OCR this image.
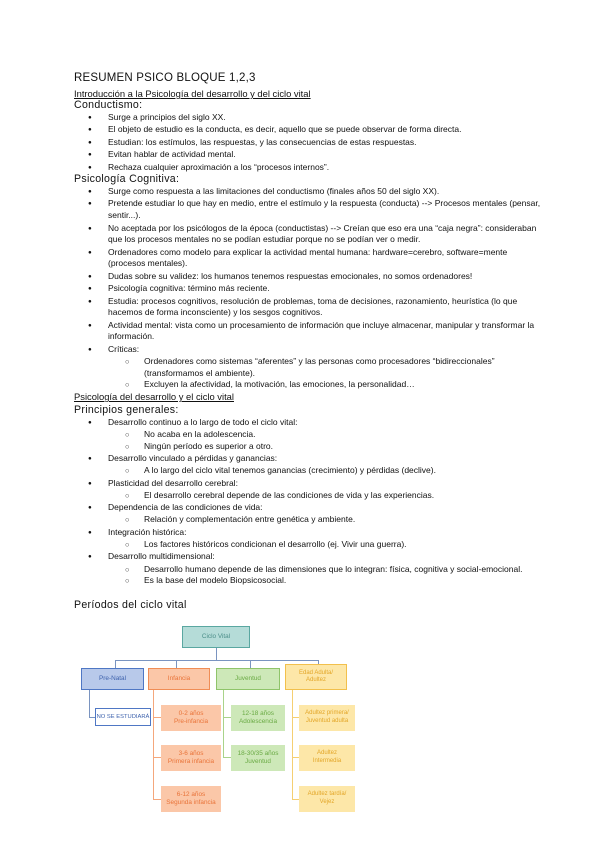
RESUMEN PSICO BLOQUE 1,2,3
Introducción a la Psicología del desarrollo y del ciclo vital
Conductismo:
● Surge a principios del siglo XX.
● El objeto de estudio es la conducta, es decir, aquello que se puede observar de forma directa.
● Estudian: los estímulos, las respuestas, y las consecuencias de estas respuestas.
● Evitan hablar de actividad mental.
● Rechaza cualquier aproximación a los “procesos internos”.
Psicología Cognitiva:
● Surge como respuesta a las limitaciones del conductismo (finales años 50 del siglo XX).
● Pretende estudiar lo que hay en medio, entre el estímulo y la respuesta (conducta) --> Procesos mentales (pensar, sentir...).
● No aceptada por los psicólogos de la época (conductistas) --> Creían que eso era una “caja negra”: consideraban que los procesos mentales no se podían estudiar porque no se podían ver o medir.
● Ordenadores como modelo para explicar la actividad mental humana: hardware=cerebro, software=mente (procesos mentales).
● Dudas sobre su validez: los humanos tenemos respuestas emocionales, no somos ordenadores!
● Psicología cognitiva: término más reciente.
● Estudia: procesos cognitivos, resolución de problemas, toma de decisiones, razonamiento, heurística (lo que hacemos de forma inconsciente) y los sesgos cognitivos.
● Actividad mental: vista como un procesamiento de información que incluye almacenar, manipular y transformar la información.
● Críticas:
○ Ordenadores como sistemas “aferentes” y las personas como procesadores “bidireccionales” (transformamos el ambiente).
○ Excluyen la afectividad, la motivación, las emociones, la personalidad…
Psicología del desarrollo y el ciclo vital
Principios generales:
● Desarrollo continuo a lo largo de todo el ciclo vital:
○ No acaba en la adolescencia.
○ Ningún período es superior a otro.
● Desarrollo vinculado a pérdidas y ganancias:
○ A lo largo del ciclo vital tenemos ganancias (crecimiento) y pérdidas (declive).
● Plasticidad del desarrollo cerebral:
○ El desarrollo cerebral depende de las condiciones de vida y las experiencias.
● Dependencia de las condiciones de vida:
○ Relación y complementación entre genética y ambiente.
● Integración histórica:
○ Los factores históricos condicionan el desarrollo (ej. Vivir una guerra).
● Desarrollo multidimensional:
○ Desarrollo humano depende de las dimensiones que lo integran: física, cognitiva y social-emocional.
○ Es la base del modelo Biopsicosocial.
Períodos del ciclo vital
Ciclo Vital
Pre-Natal	Infancia	Juventud
Edad Adulta/ Adultez
NO SE ESTUDIARÁ
0-2 años
Pre-infancia
3-6 años
Primera infancia
6-12 años
Segunda infancia
12-18 años
Adolescencia
18-30/35 años
Juventud
Adultez primera/
Juventud adulta
Adultez
Intermedia
Adultez tardía/
Vejez
